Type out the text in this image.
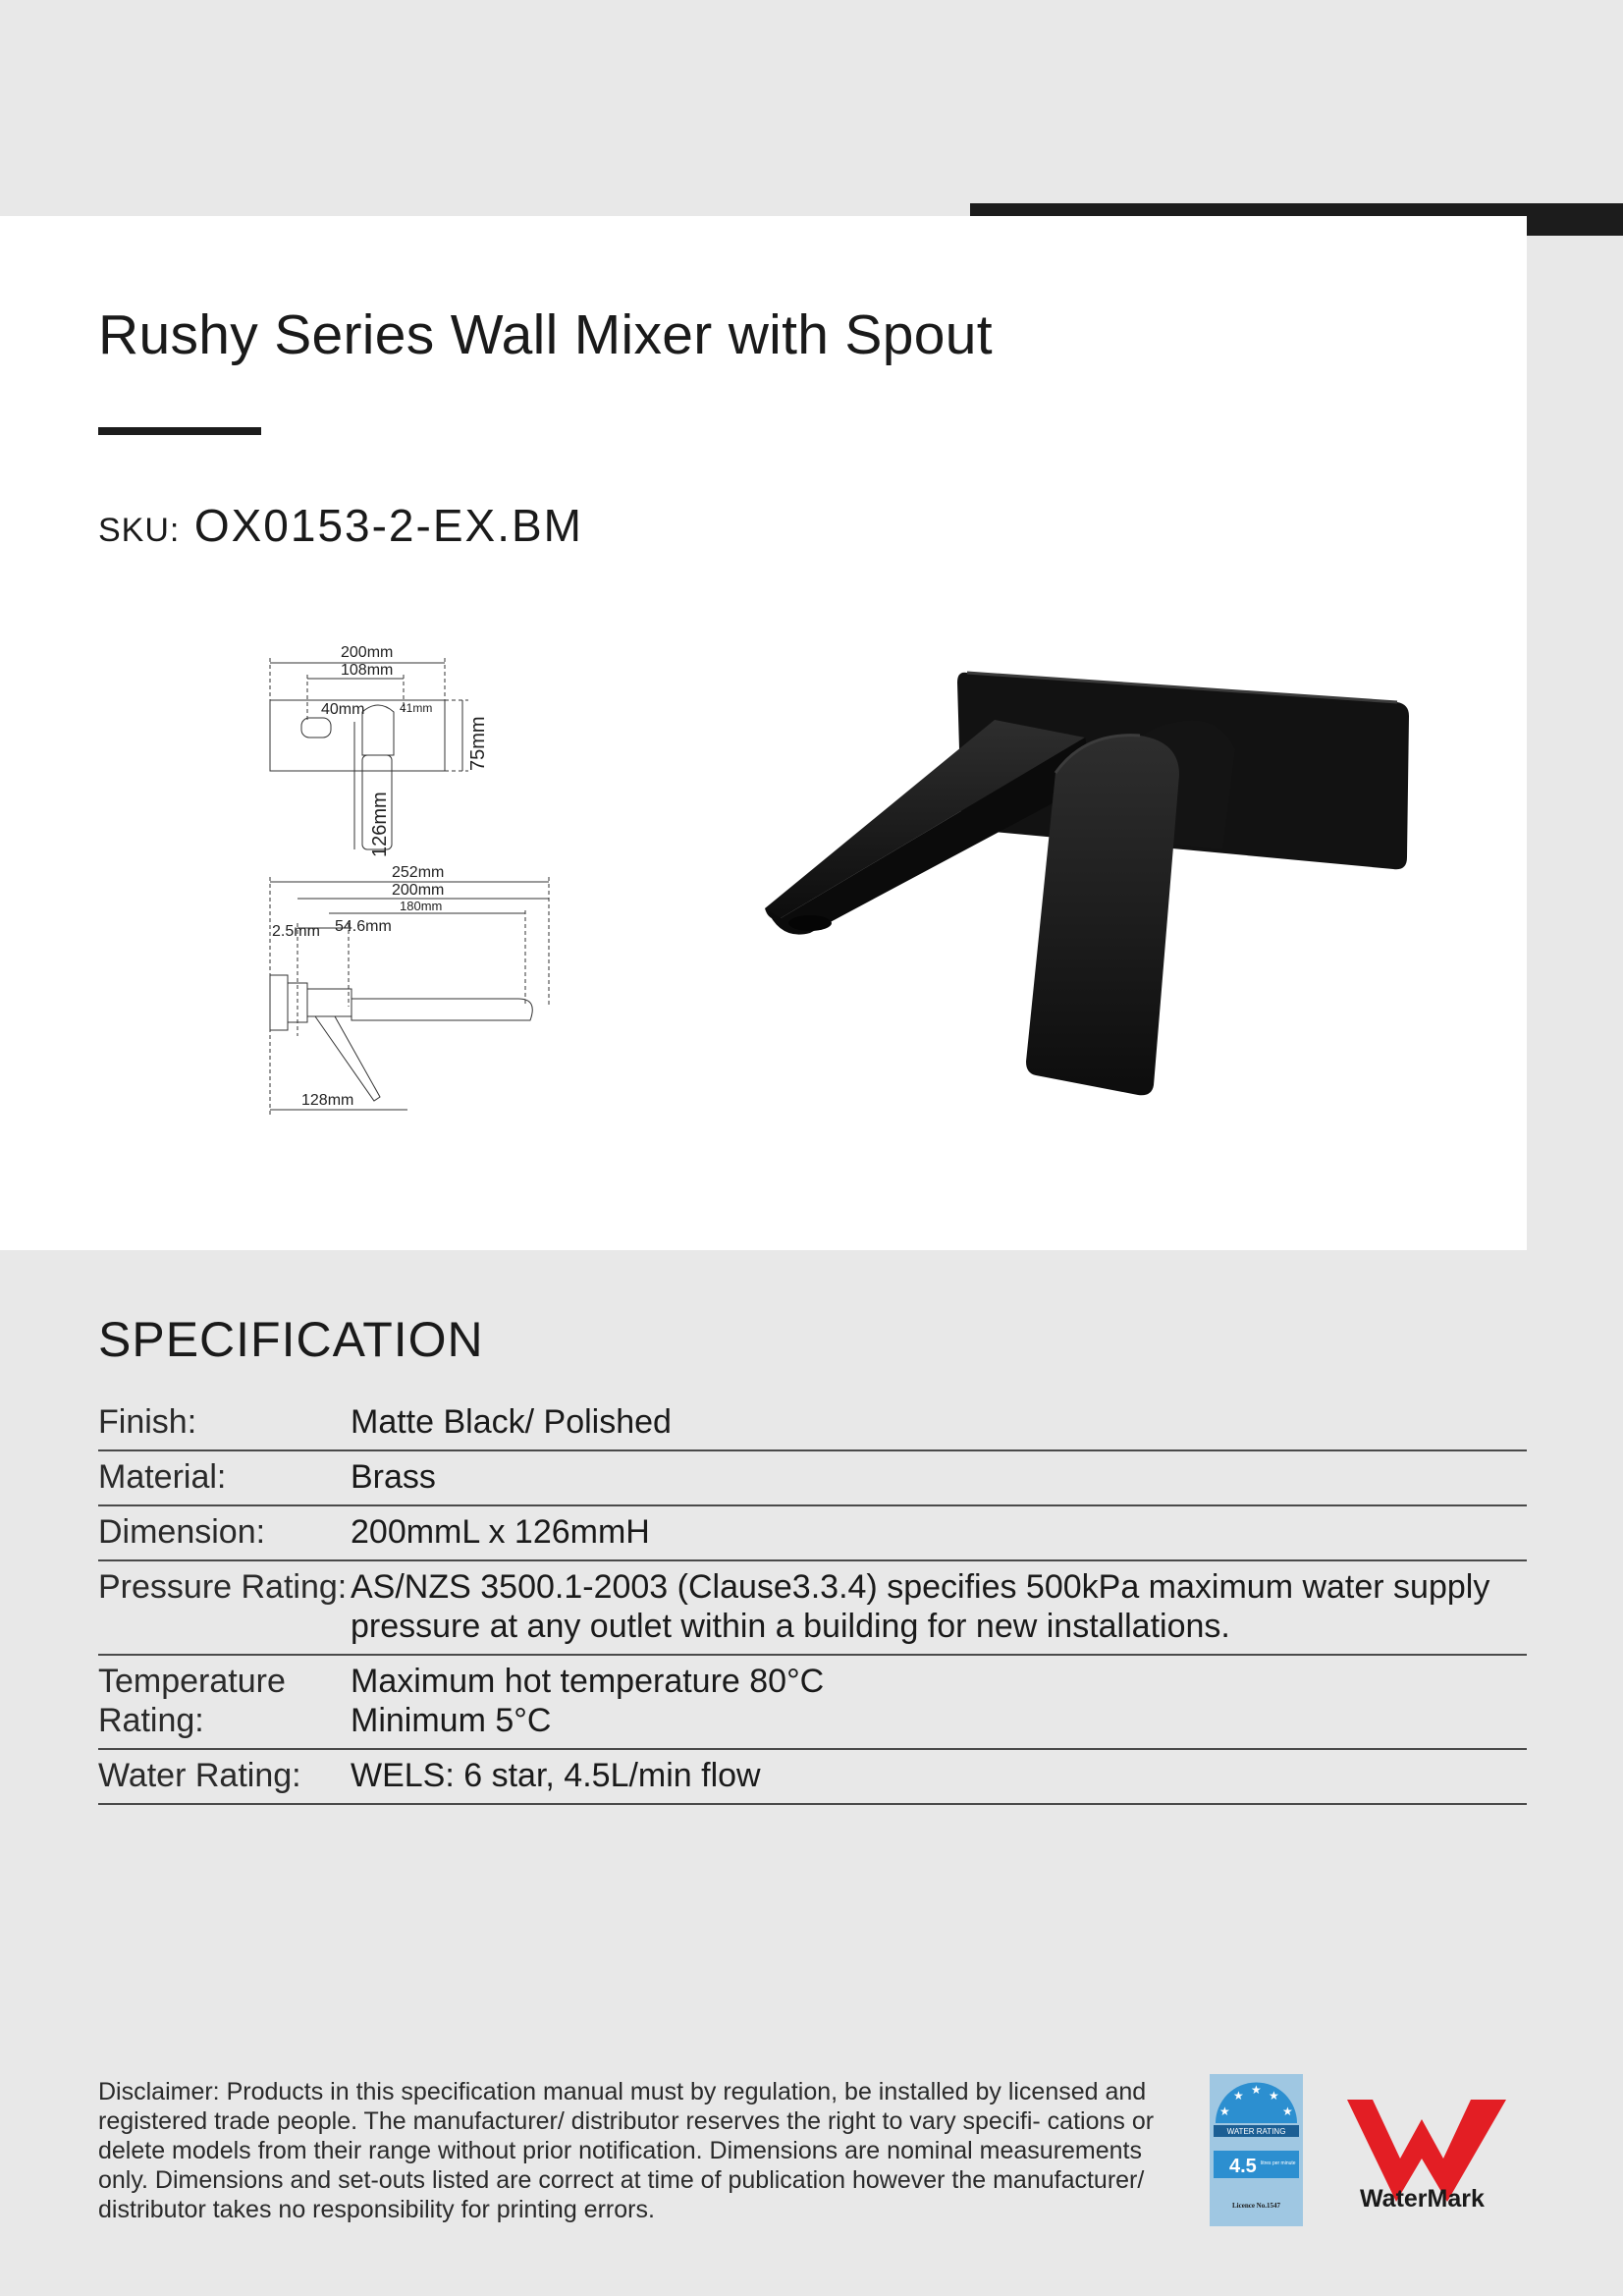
Rushy Series Wall Mixer with Spout
SKU: OX0153-2-EX.BM
200mm
108mm
40mm	41mm
75mm
126mm
252mm
200mm
180mm
2.5mm 54.6mm
128mm
SPECIFICATION
Finish:	Matte Black/ Polished
Material:	Brass
Dimension:	200mmL x 126mmH
Pressure Rating: AS/NZS 3500.1-2003 (Clause3.3.4) specifies 500kPa maximum water supply pressure at any outlet within a building for new installations.
Temperature Rating:
Maximum hot temperature 80°C
Minimum 5°C
Water Rating:	WELS: 6 star, 4.5L/min flow

Disclaimer: Products in this specification manual must by regulation, be installed by licensed and registered trade people. The manufacturer/ distributor reserves the right to vary specifi- cations or delete models from their range without prior notification. Dimensions are nominal measurements only. Dimensions and set-outs listed are correct at time of publication however the manufacturer/ distributor takes no responsibility for printing errors.

★
★ ★ ★
★
WATER RATING
4.5 litres per minute
Licence No.1547	WaterMark
